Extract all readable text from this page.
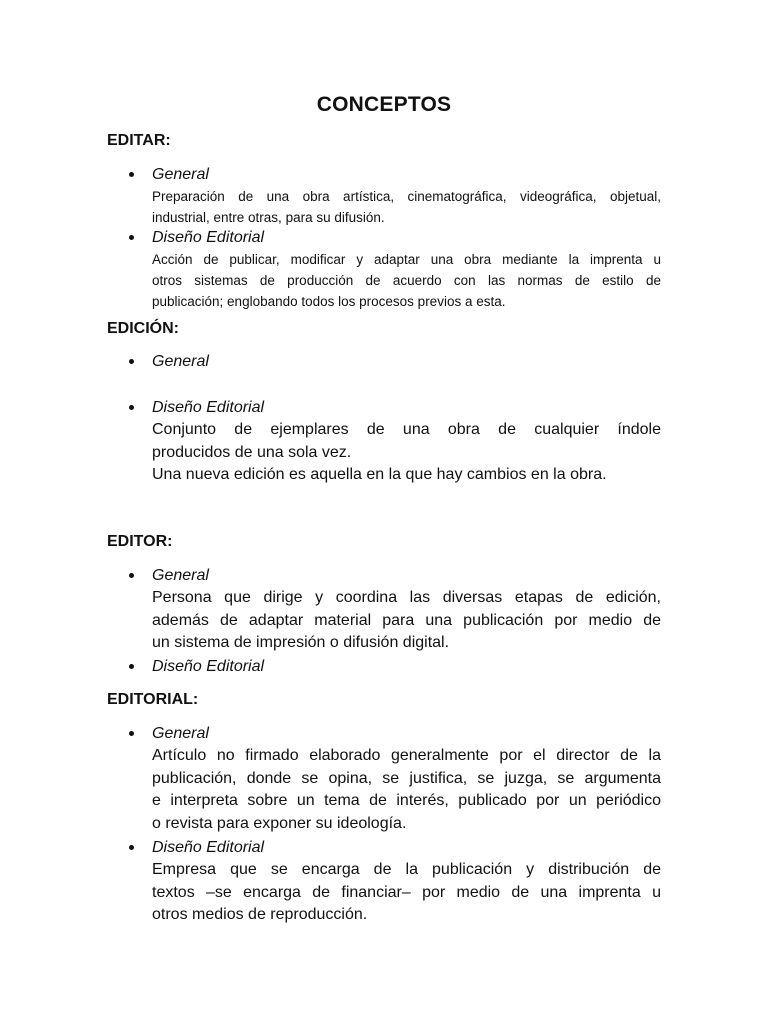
CONCEPTOS
EDITAR:
General

Preparación de una obra artística, cinematográfica, videográfica, objetual,
industrial, entre otras, para su difusión.

Diseño Editorial

Acción de publicar, modificar y adaptar una obra mediante la imprenta u
otros sistemas de producción de acuerdo con las normas de estilo de
publicación; englobando todos los procesos previos a esta.

EDICIÓN:
General
Diseño Editorial

Conjunto de ejemplares de una obra de cualquier índole
producidos de una sola vez.
Una nueva edición es aquella en la que hay cambios en la obra.

EDITOR:
General

Persona que dirige y coordina las diversas etapas de edición,
además de adaptar material para una publicación por medio de
un sistema de impresión o difusión digital.

Diseño Editorial
EDITORIAL:
General

Artículo no firmado elaborado generalmente por el director de la
publicación, donde se opina, se justifica, se juzga, se argumenta
e interpreta sobre un tema de interés, publicado por un periódico
o revista para exponer su ideología.

Diseño Editorial

Empresa que se encarga de la publicación y distribución de
textos –se encarga de financiar– por medio de una imprenta u
otros medios de reproducción.
